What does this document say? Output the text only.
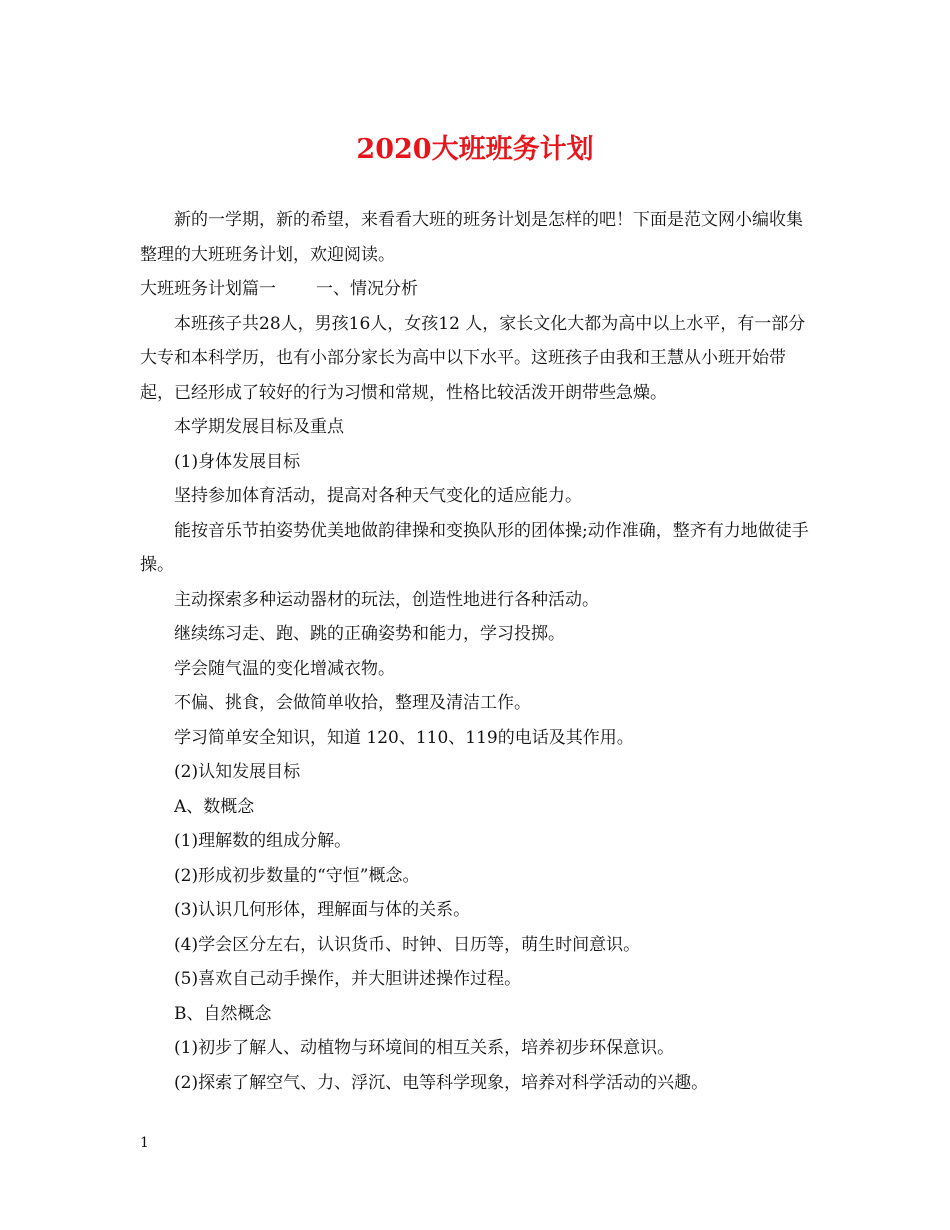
2020大班班务计划

新的一学期，新的希望，来看看大班的班务计划是怎样的吧！下面是范文网小编收集整理的大班班务计划，欢迎阅读。

大班班务计划篇一 一、情况分析

本班孩子共28人，男孩16人，女孩12 人，家长文化大都为高中以上水平，有一部分大专和本科学历，也有小部分家长为高中以下水平。这班孩子由我和王慧从小班开始带起，已经形成了较好的行为习惯和常规，性格比较活泼开朗带些急燥。

本学期发展目标及重点

(1)身体发展目标

坚持参加体育活动，提高对各种天气变化的适应能力。

能按音乐节拍姿势优美地做韵律操和变换队形的团体操;动作准确，整齐有力地做徒手操。

主动探索多种运动器材的玩法，创造性地进行各种活动。

继续练习走、跑、跳的正确姿势和能力，学习投掷。

学会随气温的变化增减衣物。

不偏、挑食，会做简单收拾，整理及清洁工作。

学习简单安全知识，知道 120、110、119的电话及其作用。

(2)认知发展目标

A、数概念

(1)理解数的组成分解。

(2)形成初步数量的“守恒”概念。

(3)认识几何形体，理解面与体的关系。

(4)学会区分左右，认识货币、时钟、日历等，萌生时间意识。

(5)喜欢自己动手操作，并大胆讲述操作过程。

B、自然概念

(1)初步了解人、动植物与环境间的相互关系，培养初步环保意识。

(2)探索了解空气、力、浮沉、电等科学现象，培养对科学活动的兴趣。

1
